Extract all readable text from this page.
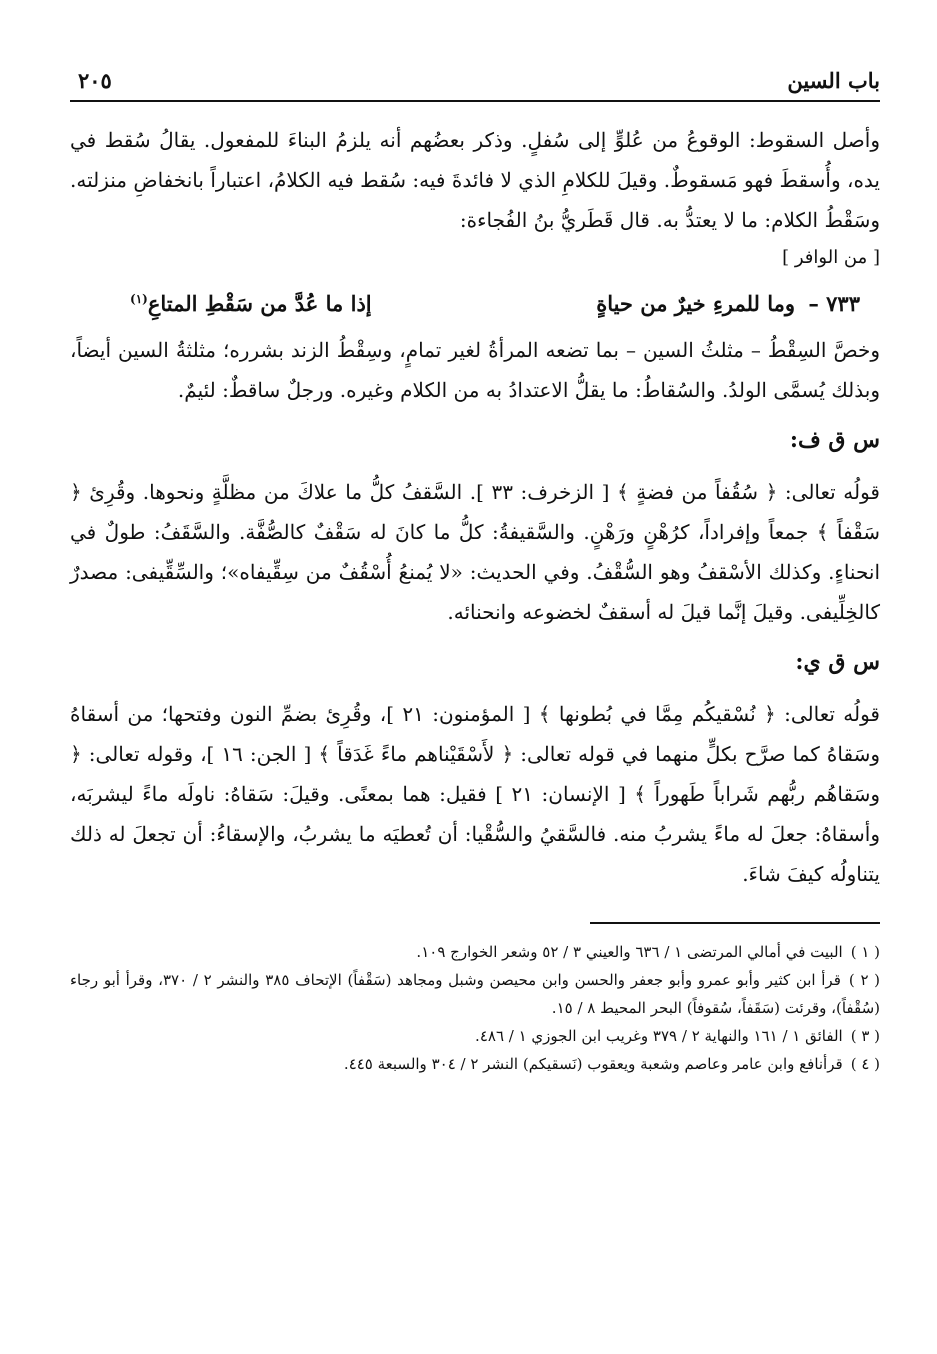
باب السين
٢٠٥

وأصل السقوط: الوقوعُ من عُلوٍّ إلى سُفلٍ. وذكر بعضُهم أنه يلزمُ البناءَ للمفعول. يقالُ سُقط في يده، وأُسقطَ فهو مَسقوطٌ. وقيلَ للكلامِ الذي لا فائدةَ فيه: سُقط فيه الكلامُ، اعتباراً بانخفاضِ منزلته. وسَقْطُ الكلام: ما لا يعتدُّ به. قال قَطَريُّ بنُ الفُجاءة:

[ من الوافر ]

٧٣٣ – وما للمرءِ خيرٌ من حياةٍ
إذا ما عُدَّ من سَقْطِ المتاعِ$^{(١)}$

وخصَّ السِقْطُ – مثلثُ السين – بما تضعه المرأةُ لغير تمامٍ، وسِقْطُ الزند بشرره؛ مثلثةُ السين أيضاً، وبذلك يُسمَّى الولدُ. والسُقاطُ: ما يقلُّ الاعتدادُ به من الكلام وغيره. ورجلٌ ساقطٌ: لئيمٌ.

س ق ف:

قولُه تعالى: ﴿ سُقُفاً من فضةٍ ﴾ [ الزخرف: ٣٣ ]. السَّقفُ كلُّ ما علاكَ من مظلَّةٍ ونحوها. وقُرِئ ﴿ سَقْفاً ﴾ جمعاً وإفراداً، كرُهْنٍ ورَهْنٍ. والسَّقيفةُ: كلُّ ما كانَ له سَقْفٌ كالصُّفَّة. والسَّقَفُ: طولٌ في انحناءٍ. وكذلك الأسْقفُ وهو السُّقْفُ. وفي الحديث: «لا يُمنعُ أُسْقُفٌ من سِقِّيفاه»؛ والسِّقِّيفى: مصدرٌ كالخِلِّيفى. وقيلَ إنَّما قيلَ له أسقفٌ لخضوعه وانحنائه.

س ق ي:

قولُه تعالى: ﴿ نُسْقيكُم مِمَّا في بُطونها ﴾ [ المؤمنون: ٢١ ]، وقُرِئ بضمِّ النون وفتحها؛ من أسقاهُ وسَقاهُ كما صرَّح بكلٍّ منهما في قوله تعالى: ﴿ لأَسْقَيْناهم ماءً غَدَقاً ﴾ [ الجن: ١٦ ]، وقوله تعالى: ﴿ وسَقاهُم ربُّهم شَراباً طَهوراً ﴾ [ الإنسان: ٢١ ] فقيل: هما بمعنًى. وقيلَ: سَقاهُ: ناولَه ماءً ليشربَه، وأسقاهُ: جعلَ له ماءً يشربُ منه. فالسَّقيُ والسُّقْيا: أن تُعطيَه ما يشربُ، والإسقاءُ: أن تجعلَ له ذلك يتناولُه كيفَ شاءَ.

( ١ )البيت في أمالي المرتضى ١ / ٦٣٦ والعيني ٣ / ٥٢ وشعر الخوارج ١٠٩.

( ٢ )قرأ ابن كثير وأبو عمرو وأبو جعفر والحسن وابن محيصن وشبل ومجاهد (سَقْفاً) الإتحاف ٣٨٥ والنشر ٢ / ٣٧٠، وقرأ أبو رجاء (سُقْفاً)، وقرئت (سَقَفاً، سُقوفاً) البحر المحيط ٨ / ١٥.

( ٣ )الفائق ١ / ١٦١ والنهاية ٢ / ٣٧٩ وغريب ابن الجوزي ١ / ٤٨٦.

( ٤ )قرأنافع وابن عامر وعاصم وشعبة ويعقوب (نَسقيكم) النشر ٢ / ٣٠٤ والسبعة ٤٤٥.
